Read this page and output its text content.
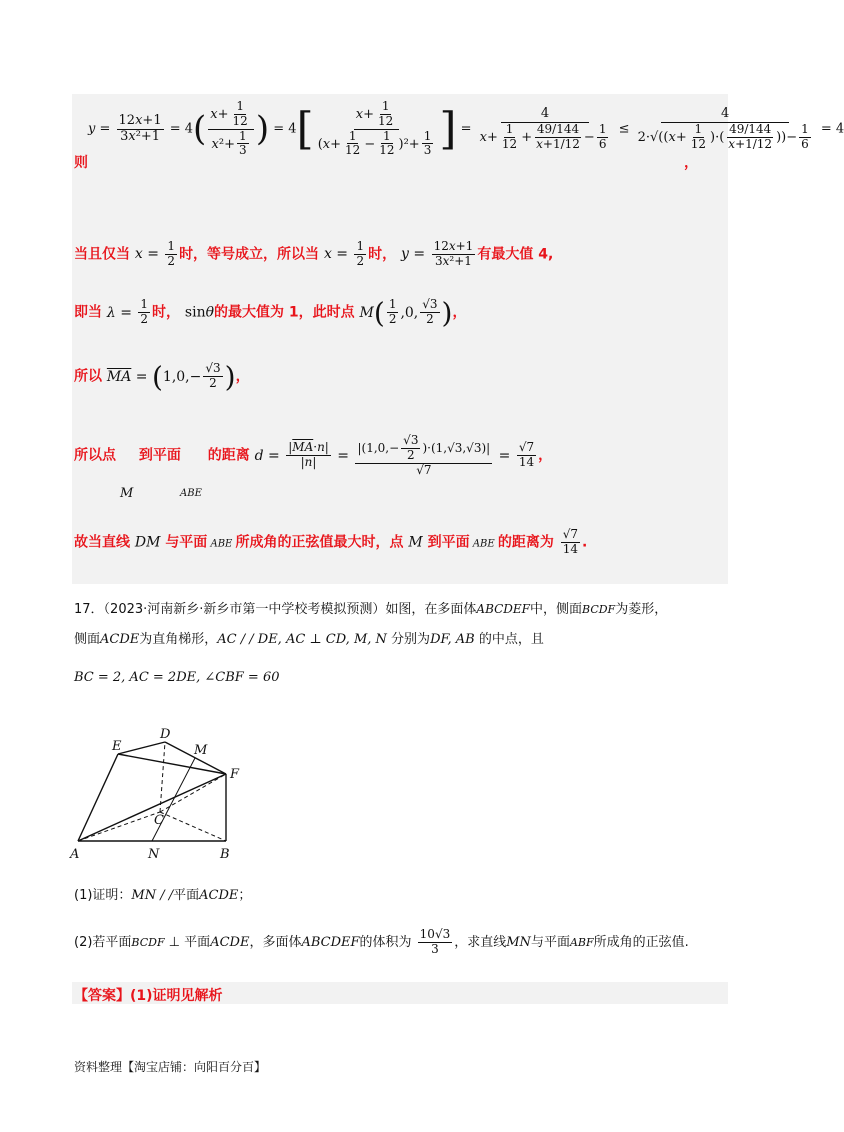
则
$y = \frac{12x+1}{\text{3x²+1}} = 4( \frac{x+ \frac{1}{12}}{x^2+ \frac{1}{3}}$ ) = $4[ \frac{x+ \frac{1}{12}}{(x+ \frac{1}{12} - \frac{1}{12} )^2+ \frac{1}{3}}$ ] = $\frac{4}{x+ \frac{1}{12} + \frac{49/144}{x+1/12} - \frac{1}{6}} \le \frac{4}{2\cdot√((x+ \frac{1}{12} )\cdot( \frac{49/144}{x+1/12} ))- \frac{1}{6}} = 4$
，
当且仅当 $x = \frac{1}{2}$ 时，等号成立，所以当 $x = \frac{1}{2}$ 时， $y = \frac{12x+1}{\text{3x²+1}}$ 有最大值 4,
即当 $\lambda = \frac{1}{2}$ 时， sinθ的最大值为 1，此时点 $M( \frac{1}{2} ,0$, $\frac{√3}{2}$ )，
所以 $\overline{MA} = (1,0,- \frac{√3}{2}$ )，
所以点 到平面 的距离 $d = \frac{|\overline{MA}\cdot n|}{|n|} = \frac{|(1,0,- \frac{√3}{2} )\cdot(1,√3,√3)|}{√7} = \frac{√7}{14}$ ，
M	ABE
故当直线 DM 与平面 ABE 所成角的正弦值最大时，点 M 到平面 ABE 的距离为 $\frac{√7}{14}$ .
17．（2023·河南新乡·新乡市第一中学校考模拟预测）如图，在多面体ABCDEF中，侧面BCDF为菱形，
侧面ACDE为直角梯形，AC / / DE, AC ⊥ CD, M, N 分别为DF, AB 的中点，且
BC = 2, AC = 2DE, ∠CBF = 60
A	B
C
D
E
F
M
N
(1)证明：MN / /平面ACDE；
(2)若平面BCDF ⊥ 平面ACDE，多面体ABCDEF的体积为 $\frac{10√3}{3}$ ，求直线MN与平面ABF所成角的正弦值.
【答案】(1)证明见解析
资料整理【淘宝店铺：向阳百分百】
